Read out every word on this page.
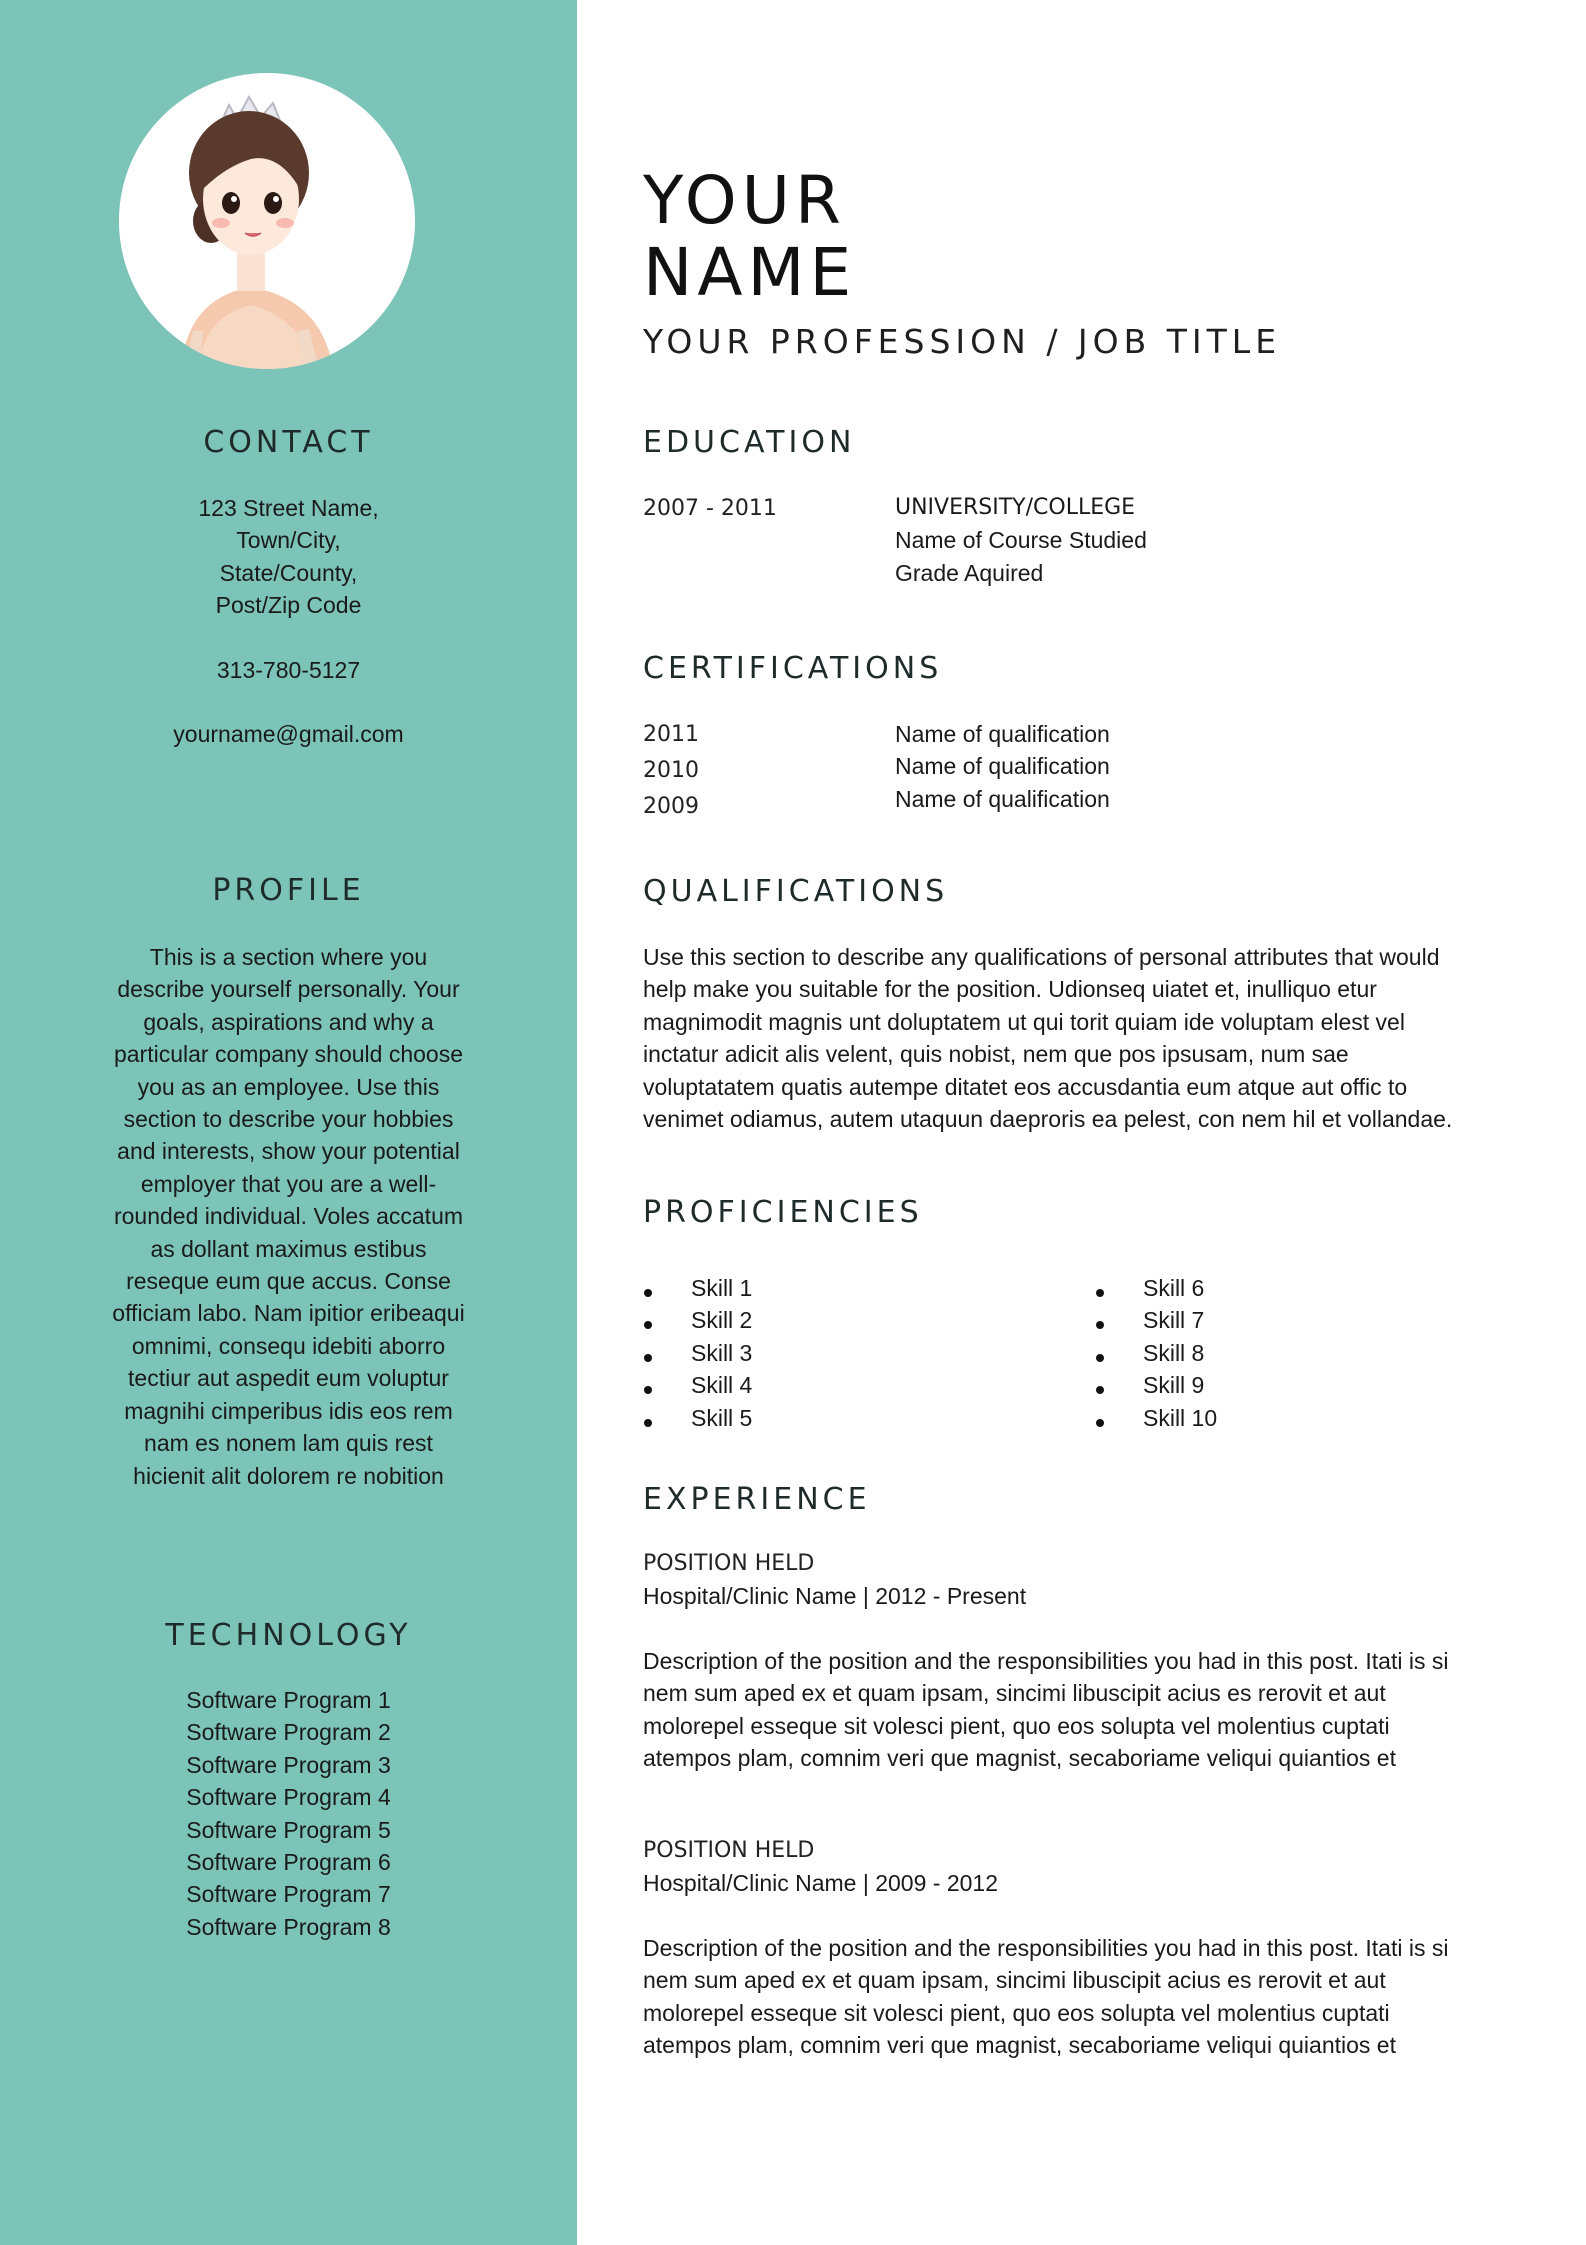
CONTACT
123 Street Name,
Town/City,
State/County,
Post/Zip Code
313-780-5127
yourname@gmail.com
PROFILE
This is a section where you
describe yourself personally. Your
goals, aspirations and why a
particular company should choose
you as an employee. Use this
section to describe your hobbies
and interests, show your potential
employer that you are a well-
rounded individual. Voles accatum
as dollant maximus estibus
reseque eum que accus. Conse
officiam labo. Nam ipitior eribeaqui
omnimi, consequ idebiti aborro
tectiur aut aspedit eum voluptur
magnihi cimperibus idis eos rem
nam es nonem lam quis rest
hicienit alit dolorem re nobition
TECHNOLOGY
Software Program 1
Software Program 2
Software Program 3
Software Program 4
Software Program 5
Software Program 6
Software Program 7
Software Program 8
YOUR
NAME
YOUR PROFESSION / JOB TITLE
EDUCATION
2007 - 2011	UNIVERSITY/COLLEGE
Name of Course Studied
Grade Aquired
CERTIFICATIONS
2011
2010
2009
Name of qualification
Name of qualification
Name of qualification
QUALIFICATIONS
Use this section to describe any qualifications of personal attributes that would
help make you suitable for the position. Udionseq uiatet et, inulliquo etur
magnimodit magnis unt doluptatem ut qui torit quiam ide voluptam elest vel
inctatur adicit alis velent, quis nobist, nem que pos ipsusam, num sae
voluptatatem quatis autempe ditatet eos accusdantia eum atque aut offic to
venimet odiamus, autem utaquun daeproris ea pelest, con nem hil et vollandae.
PROFICIENCIES
Skill 1
Skill 2
Skill 3
Skill 4
Skill 5
Skill 6
Skill 7
Skill 8
Skill 9
Skill 10
EXPERIENCE
POSITION HELD
Hospital/Clinic Name | 2012 - Present
Description of the position and the responsibilities you had in this post. Itati is si
nem sum aped ex et quam ipsam, sincimi libuscipit acius es rerovit et aut
molorepel esseque sit volesci pient, quo eos solupta vel molentius cuptati
atempos plam, comnim veri que magnist, secaboriame veliqui quiantios et
POSITION HELD
Hospital/Clinic Name | 2009 - 2012
Description of the position and the responsibilities you had in this post. Itati is si
nem sum aped ex et quam ipsam, sincimi libuscipit acius es rerovit et aut
molorepel esseque sit volesci pient, quo eos solupta vel molentius cuptati
atempos plam, comnim veri que magnist, secaboriame veliqui quiantios et
